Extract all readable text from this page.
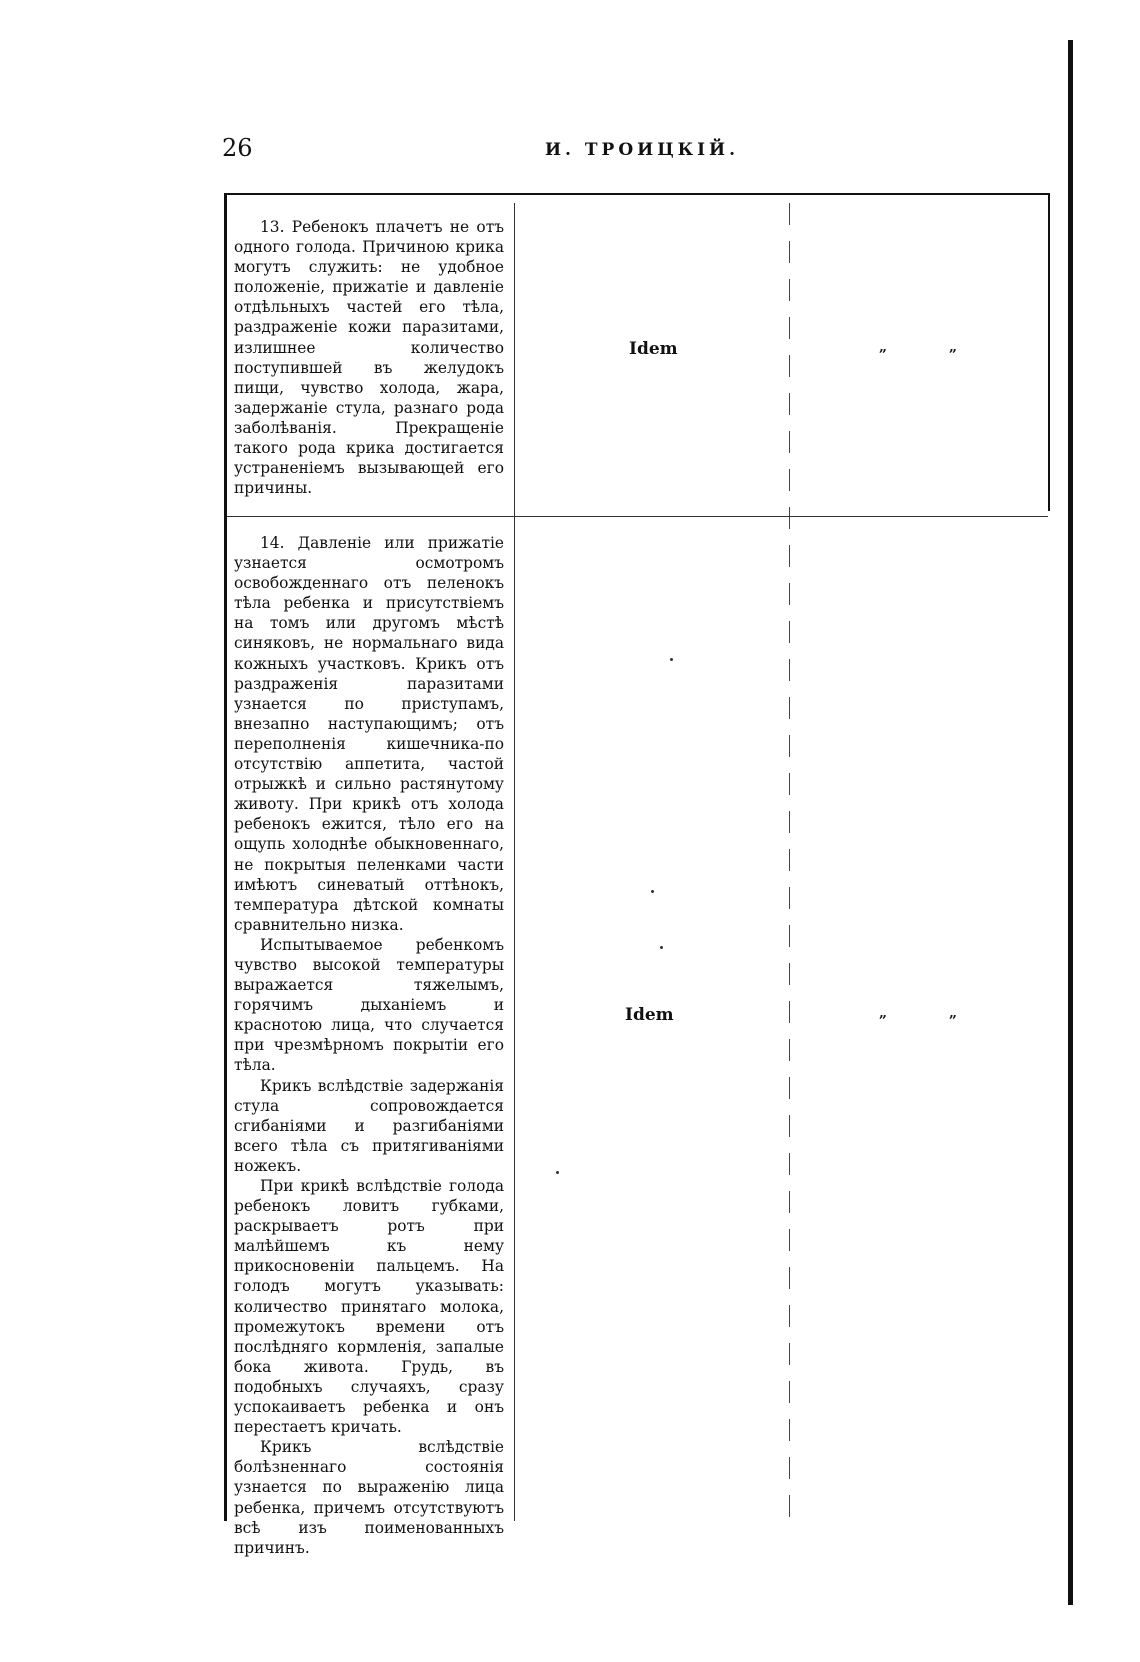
26	И. ТРОИЦКІЙ.

13. Ребенокъ плачетъ не отъ одного голода. Причиною крика могутъ служить: не удобное положеніе, прижатіе и давленіе отдѣльныхъ частей его тѣла, раздраженіе кожи паразитами, излишнее количество поступившей въ желудокъ пищи, чувство холода, жара, задержаніе стула, разнаго рода заболѣванія. Прекращеніе такого рода крика достигается устраненіемъ вызывающей его причины.

Idem	„	„

14. Давленіе или прижатіе узнается осмотромъ освобожденнаго отъ пеленокъ тѣла ребенка и присутствіемъ на томъ или другомъ мѣстѣ синяковъ, не нормальнаго вида кожныхъ участковъ. Крикъ отъ раздраженія паразитами узнается по приступамъ, внезапно наступающимъ; отъ переполненія кишечника-по отсутствію аппетита, частой отрыжкѣ и сильно растянутому животу. При крикѣ отъ холода ребенокъ ежится, тѣло его на ощупь холоднѣе обыкновеннаго, не покрытыя пеленками части имѣютъ синеватый оттѣнокъ, температура дѣтской комнаты сравнительно низка.

Испытываемое ребенкомъ чувство высокой температуры выражается тяжелымъ, горячимъ дыханіемъ и краснотою лица, что случается при чрезмѣрномъ покрытіи его тѣла.

Крикъ вслѣдствіе задержанія стула сопровождается сгибаніями и разгибаніями всего тѣла съ притягиваніями ножекъ.

При крикѣ вслѣдствіе голода ребенокъ ловитъ губками, раскрываетъ ротъ при малѣйшемъ къ нему прикосновеніи пальцемъ. На голодъ могутъ указывать: количество принятаго молока, промежутокъ времени отъ послѣдняго кормленія, запалые бока живота. Грудь, въ подобныхъ случаяхъ, сразу успокаиваетъ ребенка и онъ перестаетъ кричать.

Крикъ вслѣдствіе болѣзненнаго состоянія узнается по выраженію лица ребенка, причемъ отсутствуютъ всѣ изъ поименованныхъ причинъ.

Idem	„	„
